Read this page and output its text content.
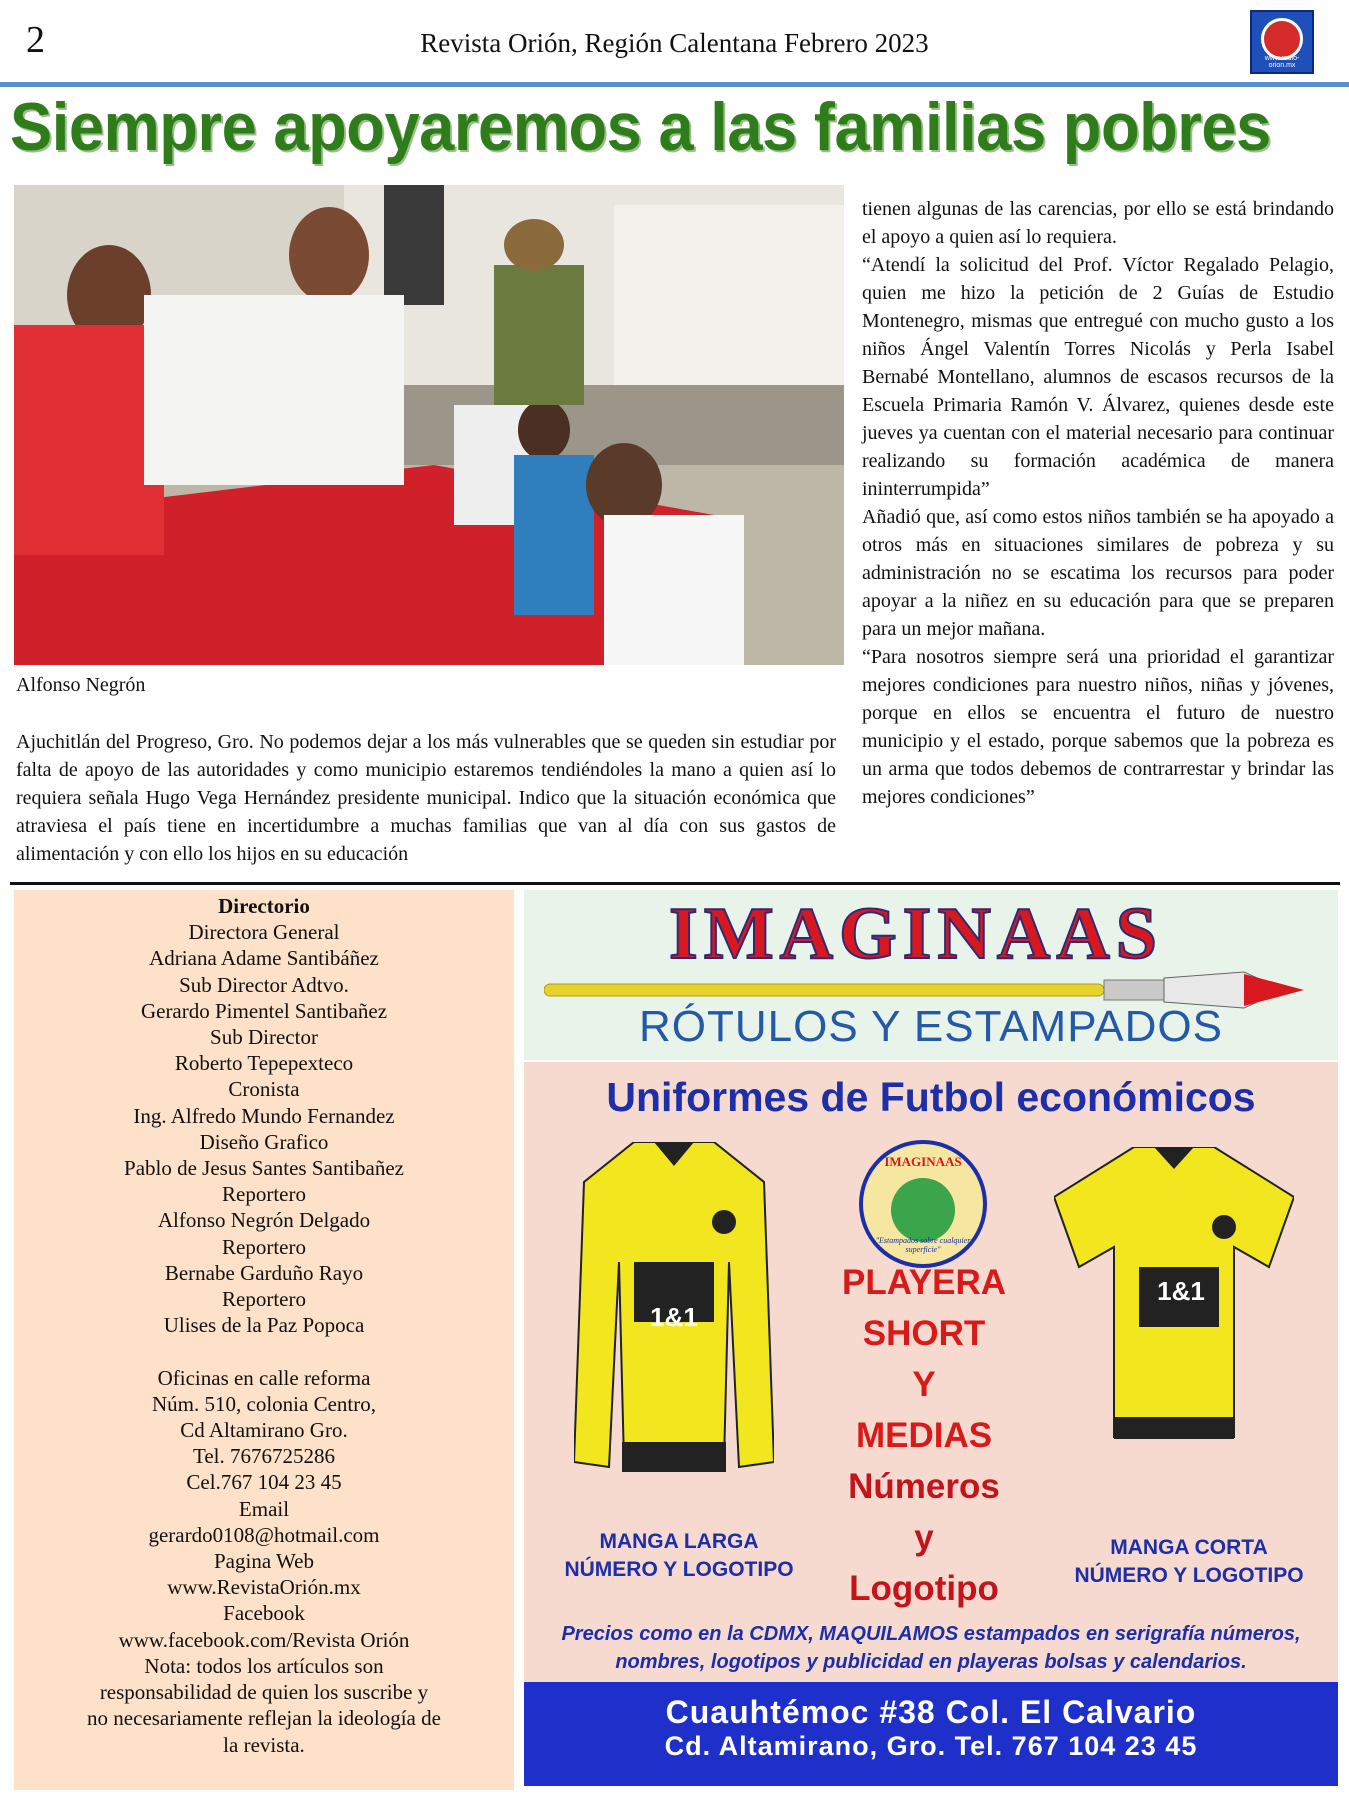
2	Revista Orión, Región Calentana Febrero 2023
www.radio-orion.mx
Siempre apoyaremos a las familias pobres
Alfonso Negrón

Ajuchitlán del Progreso, Gro. No podemos dejar a los más vulnerables que se queden sin estudiar por falta de apoyo de las autoridades y como municipio estaremos tendiéndoles la mano a quien así lo requiera señala Hugo Vega Hernández presidente municipal. Indico que la situación económica que atraviesa el país tiene en incertidumbre a muchas familias que van al día con sus gastos de alimentación y con ello los hijos en su educación

tienen algunas de las carencias, por ello se está brindando el apoyo a quien así lo requiera.

“Atendí la solicitud del Prof. Víctor Regalado Pelagio, quien me hizo la petición de 2 Guías de Estudio Montenegro, mismas que entregué con mucho gusto a los niños Ángel Valentín Torres Nicolás y Perla Isabel Bernabé Montellano, alumnos de escasos recursos de la Escuela Primaria Ramón V. Álvarez, quienes desde este jueves ya cuentan con el material necesario para continuar realizando su formación académica de manera ininterrumpida”

Añadió que, así como estos niños también se ha apoyado a otros más en situaciones similares de pobreza y su administración no se escatima los recursos para poder apoyar a la niñez en su educación para que se preparen para un mejor mañana.

“Para nosotros siempre será una prioridad el garantizar mejores condiciones para nuestro niños, niñas y jóvenes, porque en ellos se encuentra el futuro de nuestro municipio y el estado, porque sabemos que la pobreza es un arma que todos debemos de contrarrestar y brindar las mejores condiciones”

Directorio
Directora General
Adriana Adame Santibáñez
Sub Director Adtvo.
Gerardo Pimentel Santibañez
Sub Director
Roberto Tepepexteco
Cronista
Ing. Alfredo Mundo Fernandez
Diseño Grafico
Pablo de Jesus Santes Santibañez
Reportero
Alfonso Negrón Delgado
Reportero
Bernabe Garduño Rayo
Reportero
Ulises de la Paz Popoca

Oficinas en calle reforma
Núm. 510, colonia Centro,
Cd Altamirano Gro.
Tel. 7676725286
Cel.767 104 23 45
Email
gerardo0108@hotmail.com
Pagina Web
www.RevistaOrión.mx
Facebook
www.facebook.com/Revista Orión
Nota: todos los artículos son
responsabilidad de quien los suscribe y
no necesariamente reflejan la ideología de
la revista.
IMAGINAAS
RÓTULOS Y ESTAMPADOS
Uniformes de Futbol económicos
1&1
IMAGINAAS
"Estampados sobre cualquier superficie"
1&1
PLAYERA
SHORT
Y
MEDIAS
Números
y
Logotipo
MANGA LARGA
NÚMERO Y LOGOTIPO
MANGA CORTA
NÚMERO Y LOGOTIPO
Precios como en la CDMX, MAQUILAMOS estampados en serigrafía números,
nombres, logotipos y publicidad en playeras bolsas y calendarios.
Cuauhtémoc #38 Col. El Calvario
Cd. Altamirano, Gro. Tel. 767 104 23 45
